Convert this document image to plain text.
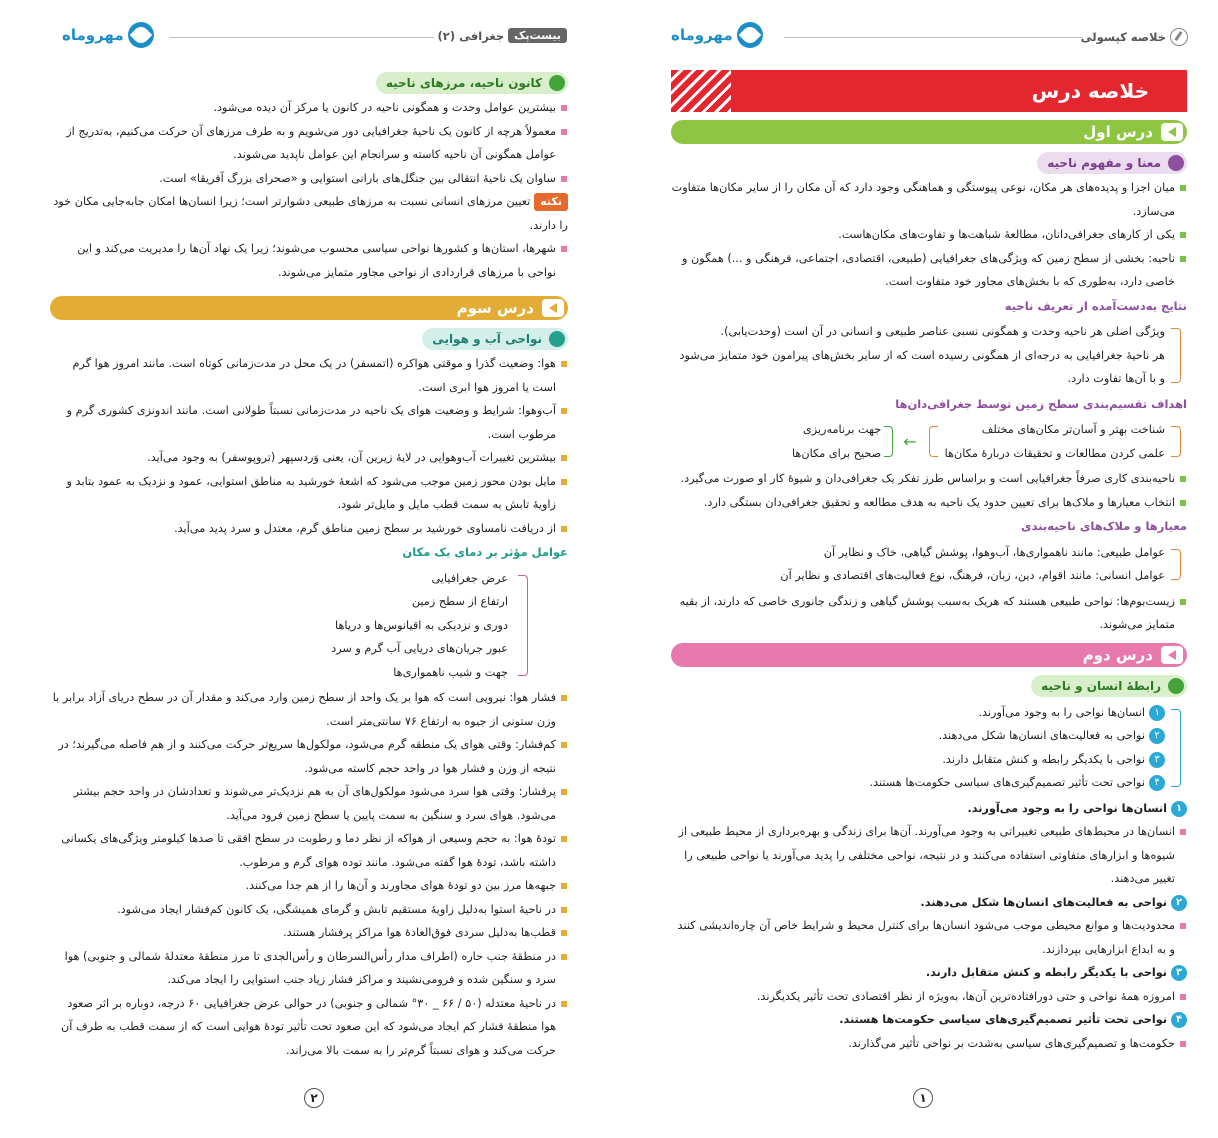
مهروماه	خلاصه کپسولی
خلاصه درس
درس اول
معنا و مفهوم ناحیه

میان اجزا و پدیده‌های هر مکان، نوعی پیوستگی و هماهنگی وجود دارد که آن مکان را از سایر مکان‌ها متفاوت می‌سازد.

یکی از کارهای جغرافی‌دانان، مطالعهٔ شباهت‌ها و تفاوت‌های مکان‌هاست.

ناحیه: بخشی از سطح زمین که ویژگی‌های جغرافیایی (طبیعی، اقتصادی، اجتماعی، فرهنگی و ...) همگون و خاصی دارد، به‌طوری که با بخش‌های مجاور خود متفاوت است.

نتایج به‌دست‌آمده از تعریف ناحیه
ویژگی اصلی هر ناحیه وحدت و همگونی نسبی عناصر طبیعی و انسانی در آن است (وحدت‌یابی).
هر ناحیهٔ جغرافیایی به درجه‌ای از همگونی رسیده است که از سایر بخش‌های پیرامون خود متمایز می‌شود و با آن‌ها تفاوت دارد.
اهداف تقسیم‌بندی سطح زمین توسط جغرافی‌دان‌ها
شناخت بهتر و آسان‌تر مکان‌های مختلف
علمی کردن مطالعات و تحقیقات دربارهٔ مکان‌ها
←
جهت برنامه‌ریزی
صحیح برای مکان‌ها

ناحیه‌بندی کاری صرفاً جغرافیایی است و براساس طرز تفکر یک جغرافی‌دان و شیوهٔ کار او صورت می‌گیرد.

انتخاب معیارها و ملاک‌ها برای تعیین حدود یک ناحیه به هدف مطالعه و تحقیق جغرافی‌دان بستگی دارد.

معیارها و ملاک‌های ناحیه‌بندی
عوامل طبیعی: مانند ناهمواری‌ها، آب‌وهوا، پوشش گیاهی، خاک و نظایر آن
عوامل انسانی: مانند اقوام، دین، زبان، فرهنگ، نوع فعالیت‌های اقتصادی و نظایر آن

زیست‌بوم‌ها: نواحی طبیعی هستند که هریک به‌سبب پوشش گیاهی و زندگی جانوری خاصی که دارند، از بقیه متمایز می‌شوند.

درس دوم
رابطهٔ انسان و ناحیه
۱انسان‌ها نواحی را به وجود می‌آورند.
۲نواحی به فعالیت‌های انسان‌ها شکل می‌دهند.
۳نواحی با یکدیگر رابطه و کنش متقابل دارند.
۴نواحی تحت تأثیر تصمیم‌گیری‌های سیاسی حکومت‌ها هستند.
۱انسان‌ها نواحی را به وجود می‌آورند.

انسان‌ها در محیط‌های طبیعی تغییراتی به وجود می‌آورند. آن‌ها برای زندگی و بهره‌برداری از محیط طبیعی از شیوه‌ها و ابزارهای متفاوتی استفاده می‌کنند و در نتیجه، نواحی مختلفی را پدید می‌آورند یا نواحی طبیعی را تغییر می‌دهند.

۲نواحی به فعالیت‌های انسان‌ها شکل می‌دهند.

محدودیت‌ها و موانع محیطی موجب می‌شود انسان‌ها برای کنترل محیط و شرایط خاص آن چاره‌اندیشی کنند و به ابداع ابزارهایی بپردازند.

۳نواحی با یکدیگر رابطه و کنش متقابل دارند.

امروزه همهٔ نواحی و حتی دورافتاده‌ترین آن‌ها، به‌ویژه از نظر اقتصادی تحت تأثیر یکدیگرند.

۴نواحی تحت تأثیر تصمیم‌گیری‌های سیاسی حکومت‌ها هستند.

حکومت‌ها و تصمیم‌گیری‌های سیاسی به‌شدت بر نواحی تأثیر می‌گذارند.

۱
مهروماه	بیست‌پک
جغرافی (۲)
کانون ناحیه، مرزهای ناحیه

بیشترین عوامل وحدت و همگونی ناحیه در کانون یا مرکز آن دیده می‌شود.

معمولاً هرچه از کانون یک ناحیهٔ جغرافیایی دور می‌شویم و به طرف مرزهای آن حرکت می‌کنیم، به‌تدریج از عوامل همگونی آن ناحیه کاسته و سرانجام این عوامل ناپدید می‌شوند.

ساوان یک ناحیهٔ انتقالی بین جنگل‌های بارانی استوایی و «صحرای بزرگ آفریقا» است.

نکتهتعیین مرزهای انسانی نسبت به مرزهای طبیعی دشوارتر است؛ زیرا انسان‌ها امکان جابه‌جایی مکان خود را دارند.

شهرها، استان‌ها و کشورها نواحی سیاسی محسوب می‌شوند؛ زیرا یک نهاد آن‌ها را مدیریت می‌کند و این نواحی با مرزهای قراردادی از نواحی مجاور متمایز می‌شوند.

درس سوم
نواحی آب و هوایی

هوا: وضعیت گذرا و موقتی هواکره (اتمسفر) در یک محل در مدت‌زمانی کوتاه است. مانند امروز هوا گرم است یا امروز هوا ابری است.

آب‌وهوا: شرایط و وضعیت هوای یک ناحیه در مدت‌زمانی نسبتاً طولانی است. مانند اندونزی کشوری گرم و مرطوب است.

بیشترین تغییرات آب‌وهوایی در لایهٔ زیرین آن، یعنی وَردسپهر (تروپوسفر) به وجود می‌آید.

مایل بودن محور زمین موجب می‌شود که اشعهٔ خورشید به مناطق استوایی، عمود و نزدیک به عمود بتابد و زاویهٔ تابش به سمت قطب مایل و مایل‌تر شود.

از دریافت نامساوی خورشید بر سطح زمین مناطق گرم، معتدل و سرد پدید می‌آید.

عوامل مؤثر بر دمای یک مکان
عرض جغرافیایی
ارتفاع از سطح زمین
دوری و نزدیکی به اقیانوس‌ها و دریاها
عبور جریان‌های دریایی آب گرم و سرد
جهت و شیب ناهمواری‌ها

فشار هوا: نیرویی است که هوا بر یک واحد از سطح زمین وارد می‌کند و مقدار آن در سطح دریای آزاد برابر با وزن ستونی از جیوه به ارتفاع ۷۶ سانتی‌متر است.

کم‌فشار: وقتی هوای یک منطقه گرم می‌شود، مولکول‌ها سریع‌تر حرکت می‌کنند و از هم فاصله می‌گیرند؛ در نتیجه از وزن و فشار هوا در واحد حجم کاسته می‌شود.

پرفشار: وقتی هوا سرد می‌شود مولکول‌های آن به هم نزدیک‌تر می‌شوند و تعدادشان در واحد حجم بیشتر می‌شود. هوای سرد و سنگین به سمت پایین یا سطح زمین فرود می‌آید.

تودهٔ هوا: به حجم وسیعی از هواکه از نظر دما و رطوبت در سطح افقی تا صدها کیلومتر ویژگی‌های یکسانی داشته باشد، تودهٔ هوا گفته می‌شود. مانند توده هوای گرم و مرطوب.

جبهه‌ها مرز بین دو تودهٔ هوای مجاورند و آن‌ها را از هم جدا می‌کنند.

در ناحیهٔ استوا به‌دلیل زاویهٔ مستقیم تابش و گرمای همیشگی، یک کانون کم‌فشار ایجاد می‌شود.

قطب‌ها به‌دلیل سردی فوق‌العادهٔ هوا مراکز پرفشار هستند.

در منطقهٔ جنب حاره (اطراف مدار رأس‌السرطان و رأس‌الجدی تا مرز منطقهٔ معتدلهٔ شمالی و جنوبی) هوا سرد و سنگین شده و فرومی‌نشیند و مراکز فشار زیاد جنب استوایی را ایجاد می‌کند.

در ناحیهٔ معتدله (۵۰ / ۶۶ _ ۳۰° شمالی و جنوبی) در حوالی عرض جغرافیایی ۶۰ درجه، دوباره بر اثر صعود هوا منطقهٔ فشار کم ایجاد می‌شود که این صعود تحت تأثیر تودهٔ هوایی است که از سمت قطب به طرف آن حرکت می‌کند و هوای نسبتاً گرم‌تر را به سمت بالا می‌راند.

۲
